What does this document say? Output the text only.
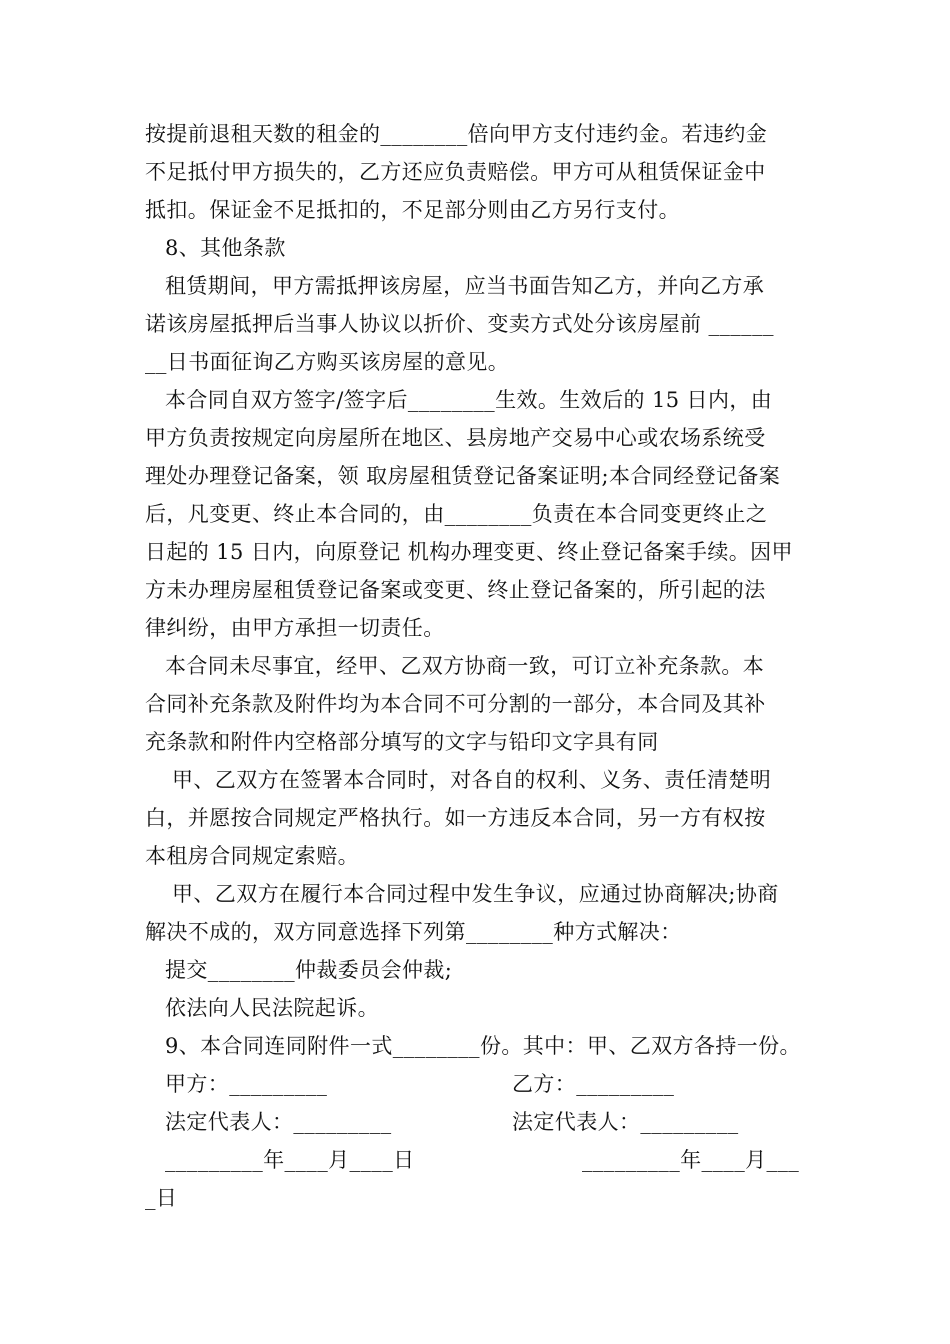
按提前退租天数的租金的________倍向甲方支付违约金。若违约金
不足抵付甲方损失的，乙方还应负责赔偿。甲方可从租赁保证金中
抵扣。保证金不足抵扣的，不足部分则由乙方另行支付。
8、其他条款
租赁期间，甲方需抵押该房屋，应当书面告知乙方，并向乙方承
诺该房屋抵押后当事人协议以折价、变卖方式处分该房屋前 ______
__日书面征询乙方购买该房屋的意见。
本合同自双方签字/签字后________生效。生效后的 15 日内，由
甲方负责按规定向房屋所在地区、县房地产交易中心或农场系统受
理处办理登记备案，领 取房屋租赁登记备案证明;本合同经登记备案
后，凡变更、终止本合同的，由________负责在本合同变更终止之
日起的 15 日内，向原登记 机构办理变更、终止登记备案手续。因甲
方未办理房屋租赁登记备案或变更、终止登记备案的，所引起的法
律纠纷，由甲方承担一切责任。
本合同未尽事宜，经甲、乙双方协商一致，可订立补充条款。本
合同补充条款及附件均为本合同不可分割的一部分，本合同及其补
充条款和附件内空格部分填写的文字与铅印文字具有同
甲、乙双方在签署本合同时，对各自的权利、义务、责任清楚明
白，并愿按合同规定严格执行。如一方违反本合同，另一方有权按
本租房合同规定索赔。
甲、乙双方在履行本合同过程中发生争议，应通过协商解决;协商
解决不成的，双方同意选择下列第________种方式解决：
提交________仲裁委员会仲裁;
依法向人民法院起诉。
9、本合同连同附件一式________份。其中：甲、乙双方各持一份。
甲方：_________	乙方：_________
法定代表人：_________	法定代表人：_________
_________年____月____日	_________年____月___
_日
